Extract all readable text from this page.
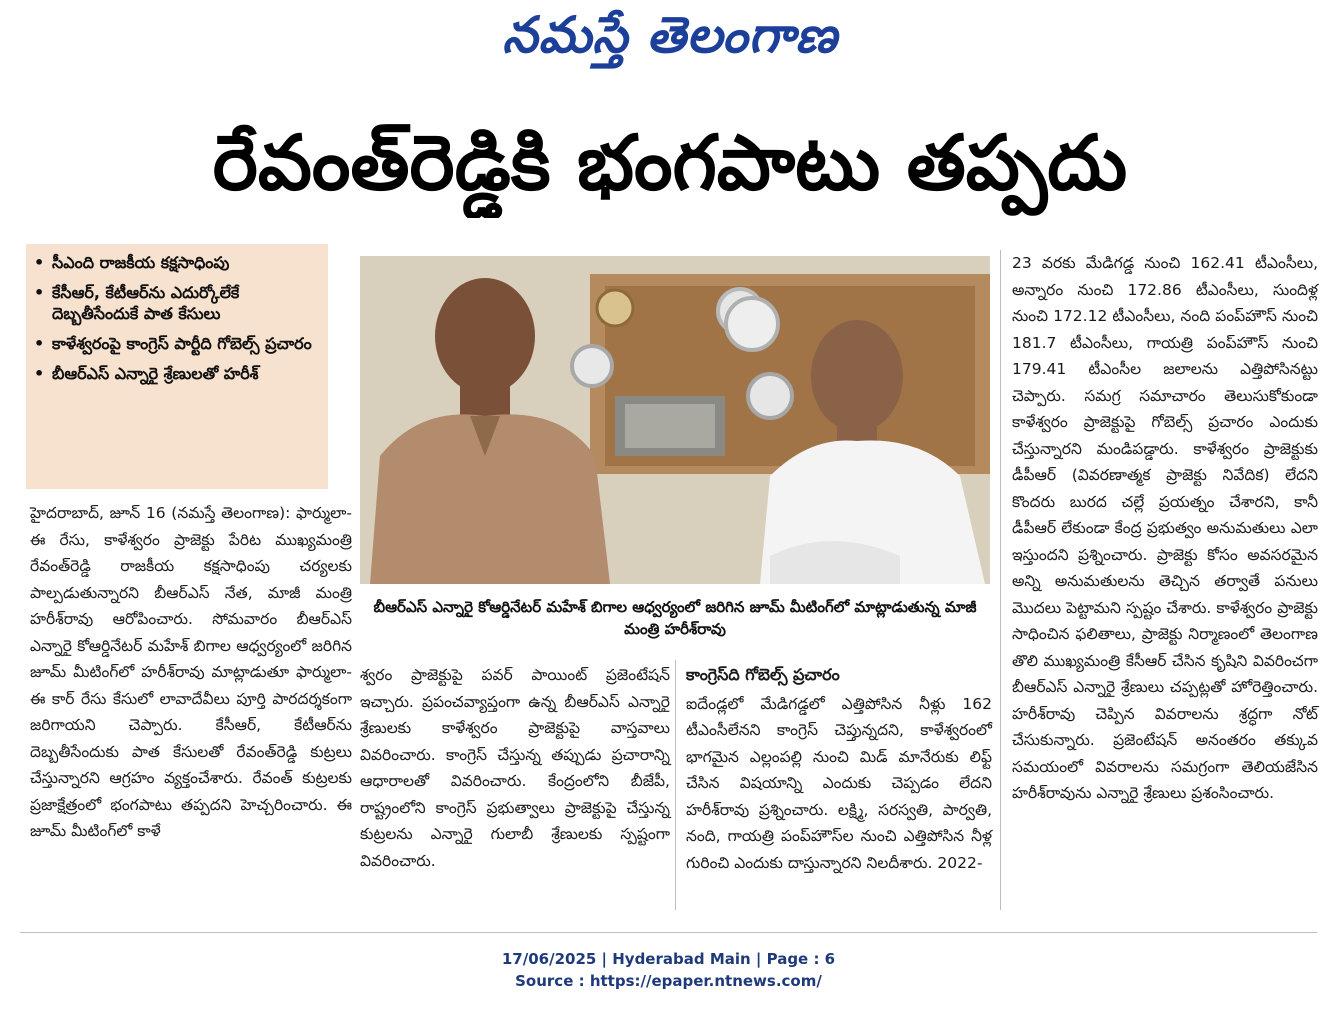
నమస్తే తెలంగాణ
రేవంత్‌రెడ్డికి భంగపాటు తప్పదు
• సీఎంది రాజకీయ కక్షసాధింపు
• కేసీఆర్, కేటీఆర్‌ను ఎదుర్కోలేకే దెబ్బతీసేందుకే పాత కేసులు
• కాళేశ్వరంపై కాంగ్రెస్ పార్టీది గోబెల్స్ ప్రచారం
• బీఆర్‌ఎస్ ఎన్నారై శ్రేణులతో హరీశ్
బీఆర్‌ఎస్ ఎన్నారై కోఆర్డినేటర్ మహేశ్ బిగాల ఆధ్వర్యంలో జరిగిన జూమ్ మీటింగ్‌లో మాట్లాడుతున్న మాజీ మంత్రి హరీశ్‌రావు
హైదరాబాద్, జూన్ 16 (నమస్తే తెలంగాణ): ఫార్ములా-ఈ రేసు, కాళేశ్వరం ప్రాజెక్టు పేరిట ముఖ్యమంత్రి రేవంత్‌రెడ్డి రాజకీయ కక్షసాధింపు చర్యలకు పాల్పడుతున్నారని బీఆర్‌ఎస్ నేత, మాజీ మంత్రి హరీశ్‌రావు ఆరోపించారు. సోమవారం బీఆర్‌ఎస్ ఎన్నారై కోఆర్డినేటర్ మహేశ్ బిగాల ఆధ్వర్యంలో జరిగిన జూమ్ మీటింగ్‌లో హరీశ్‌రావు మాట్లాడుతూ ఫార్ములా-ఈ కార్ రేసు కేసులో లావాదేవీలు పూర్తి పారదర్శకంగా జరిగాయని చెప్పారు. కేసీఆర్, కేటీఆర్‌ను దెబ్బతీసేందుకు పాత కేసులతో రేవంత్‌రెడ్డి కుట్రలు చేస్తున్నారని ఆగ్రహం వ్యక్తంచేశారు. రేవంత్ కుట్రలకు ప్రజాక్షేత్రంలో భంగపాటు తప్పదని హెచ్చరించారు. ఈ జూమ్ మీటింగ్‌లో కాళే
శ్వరం ప్రాజెక్టుపై పవర్ పాయింట్ ప్రజెంటేషన్ ఇచ్చారు. ప్రపంచవ్యాప్తంగా ఉన్న బీఆర్‌ఎస్ ఎన్నారై శ్రేణులకు కాళేశ్వరం ప్రాజెక్టుపై వాస్తవాలు వివరించారు. కాంగ్రెస్ చేస్తున్న తప్పుడు ప్రచారాన్ని ఆధారాలతో వివరించారు. కేంద్రంలోని బీజేపీ, రాష్ట్రంలోని కాంగ్రెస్ ప్రభుత్వాలు ప్రాజెక్టుపై చేస్తున్న కుట్రలను ఎన్నారై గులాబీ శ్రేణులకు స్పష్టంగా వివరించారు.
కాంగ్రెస్‌ది గోబెల్స్ ప్రచారం
ఐదేండ్లలో మేడిగడ్డలో ఎత్తిపోసిన నీళ్లు 162 టీఎంసీలేనని కాంగ్రెస్ చెప్తున్నదని, కాళేశ్వరంలో భాగమైన ఎల్లంపల్లి నుంచి మిడ్ మానేరుకు లిఫ్ట్ చేసిన విషయాన్ని ఎందుకు చెప్పడం లేదని హరీశ్‌రావు ప్రశ్నించారు. లక్ష్మి, సరస్వతి, పార్వతి, నంది, గాయత్రి పంప్‌హౌస్‌ల నుంచి ఎత్తిపోసిన నీళ్ల గురించి ఎందుకు దాస్తున్నారని నిలదీశారు. 2022-
23 వరకు మేడిగడ్డ నుంచి 162.41 టీఎంసీలు, అన్నారం నుంచి 172.86 టీఎంసీలు, సుందిళ్ల నుంచి 172.12 టీఎంసీలు, నంది పంప్‌హౌస్ నుంచి 181.7 టీఎంసీలు, గాయత్రి పంప్‌హౌస్ నుంచి 179.41 టీఎంసీల జలాలను ఎత్తిపోసినట్టు చెప్పారు. సమగ్ర సమాచారం తెలుసుకోకుండా కాళేశ్వరం ప్రాజెక్టుపై గోబెల్స్ ప్రచారం ఎందుకు చేస్తున్నారని మండిపడ్డారు. కాళేశ్వరం ప్రాజెక్టుకు డీపీఆర్ (వివరణాత్మక ప్రాజెక్టు నివేదిక) లేదని కొందరు బురద చల్లే ప్రయత్నం చేశారని, కానీ డీపీఆర్ లేకుండా కేంద్ర ప్రభుత్వం అనుమతులు ఎలా ఇస్తుందని ప్రశ్నించారు. ప్రాజెక్టు కోసం అవసరమైన అన్ని అనుమతులను తెచ్చిన తర్వాతే పనులు మొదలు పెట్టామని స్పష్టం చేశారు. కాళేశ్వరం ప్రాజెక్టు సాధించిన ఫలితాలు, ప్రాజెక్టు నిర్మాణంలో తెలంగాణ తొలి ముఖ్యమంత్రి కేసీఆర్ చేసిన కృషిని వివరించగా బీఆర్‌ఎస్ ఎన్నారై శ్రేణులు చప్పట్లతో హోరెత్తించారు. హరీశ్‌రావు చెప్పిన వివరాలను శ్రద్ధగా నోట్ చేసుకున్నారు. ప్రజెంటేషన్ అనంతరం తక్కువ సమయంలో వివరాలను సమగ్రంగా తెలియజేసిన హరీశ్‌రావును ఎన్నారై శ్రేణులు ప్రశంసించారు.
17/06/2025 | Hyderabad Main | Page : 6
Source : https://epaper.ntnews.com/
